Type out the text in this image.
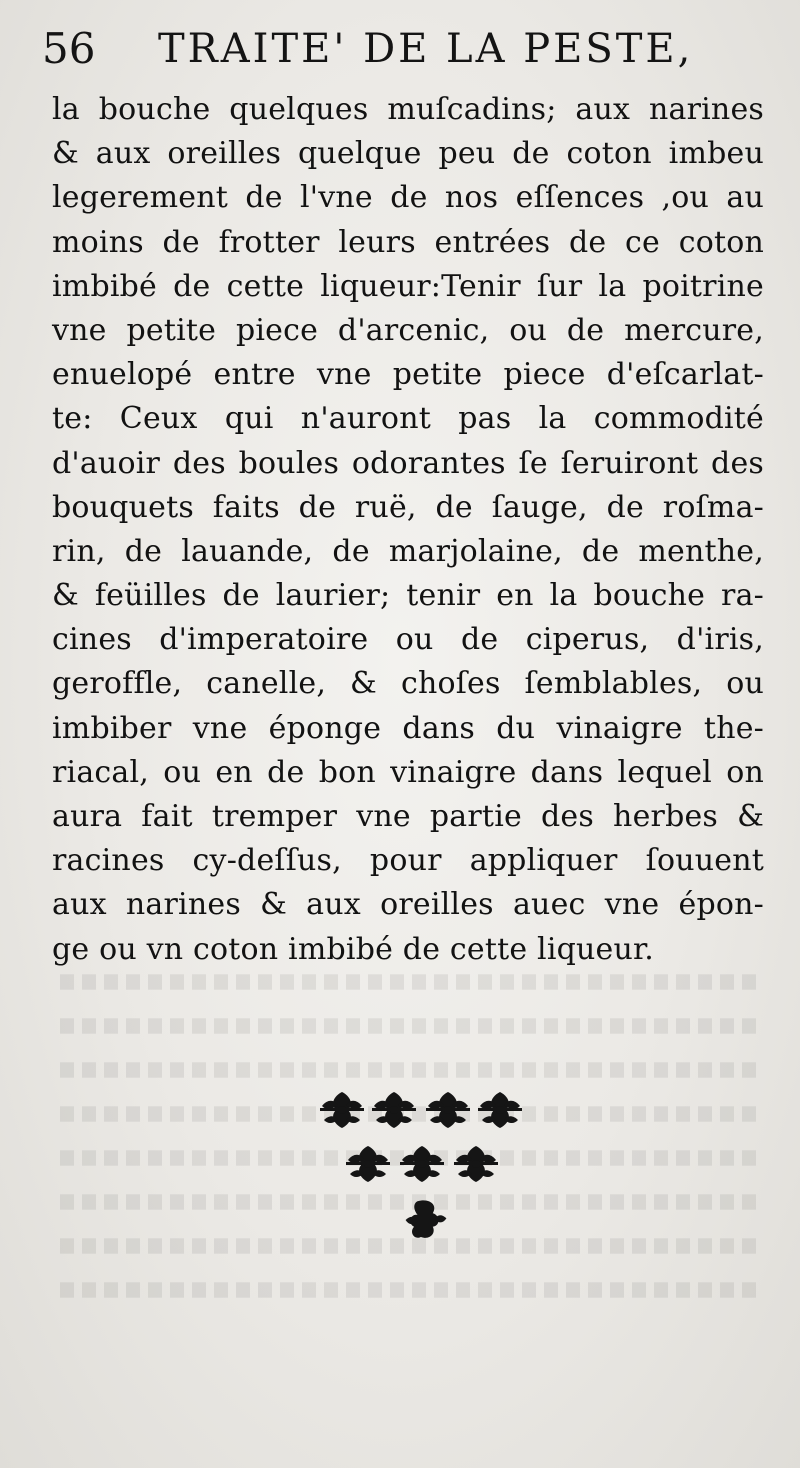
56 TRAITE' DE LA PESTE,
la bouche quelques muſcadins; aux narines
& aux oreilles quelque peu de coton imbeu
legerement de l'vne de nos eſſences ,ou au
moins de frotter leurs entrées de ce coton
imbibé de cette liqueur:Tenir ſur la poitrine
vne petite piece d'arcenic, ou de mercure,
enuelopé entre vne petite piece d'eſcarlat-
te: Ceux qui n'auront pas la commodité
d'auoir des boules odorantes ſe ſeruiront des
bouquets faits de ruë, de ſauge, de roſma-
rin, de lauande, de marjolaine, de menthe,
& feüilles de laurier; tenir en la bouche ra-
cines d'imperatoire ou de ciperus, d'iris,
geroffle, canelle, & choſes ſemblables, ou
imbiber vne éponge dans du vinaigre the-
riacal, ou en de bon vinaigre dans lequel on
aura fait tremper vne partie des herbes &
racines cy-deſſus, pour appliquer ſouuent
aux narines & aux oreilles auec vne épon-
ge ou vn coton imbibé de cette liqueur.
